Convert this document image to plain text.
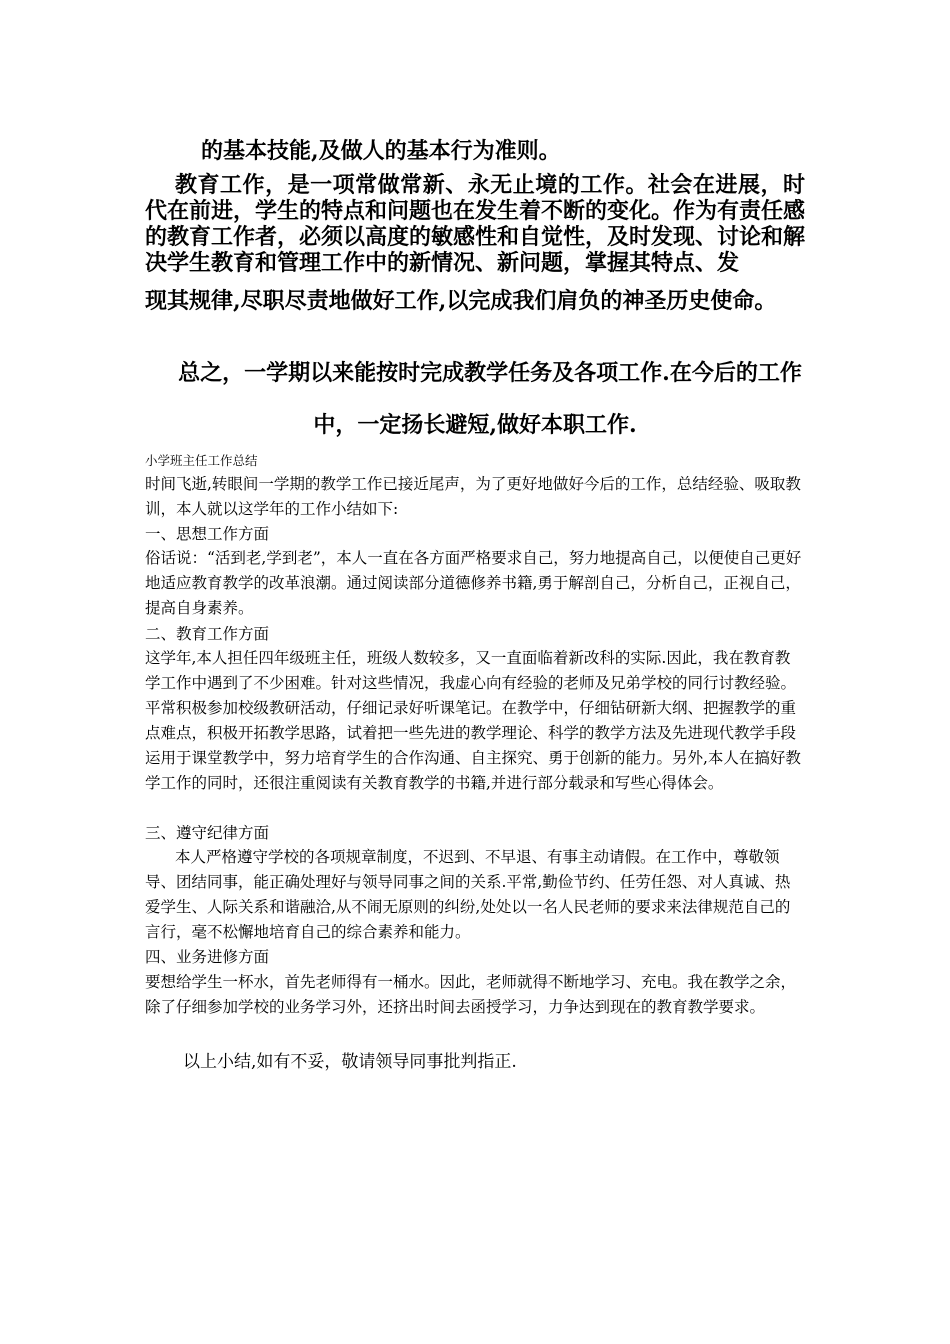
的基本技能,及做人的基本行为准则。

教育工作，是一项常做常新、永无止境的工作。社会在进展，时代在前进，学生的特点和问题也在发生着不断的变化。作为有责任感的教育工作者，必须以高度的敏感性和自觉性，及时发现、讨论和解决学生教育和管理工作中的新情况、新问题，掌握其特点、发

现其规律,尽职尽责地做好工作,以完成我们肩负的神圣历史使命。

总之，一学期以来能按时完成教学任务及各项工作.在今后的工作

中，一定扬长避短,做好本职工作.

小学班主任工作总结

时间飞逝,转眼间一学期的教学工作已接近尾声，为了更好地做好今后的工作，总结经验、吸取教训，本人就以这学年的工作小结如下:

一、思想工作方面

俗话说：“活到老,学到老”，本人一直在各方面严格要求自己，努力地提高自己，以便使自己更好地适应教育教学的改革浪潮。通过阅读部分道德修养书籍,勇于解剖自己，分析自己，正视自己，提高自身素养。

二、教育工作方面

这学年,本人担任四年级班主任，班级人数较多，又一直面临着新改科的实际.因此，我在教育教学工作中遇到了不少困难。针对这些情况，我虚心向有经验的老师及兄弟学校的同行讨教经验。平常积极参加校级教研活动，仔细记录好听课笔记。在教学中，仔细钻研新大纲、把握教学的重点难点，积极开拓教学思路，试着把一些先进的教学理论、科学的教学方法及先进现代教学手段运用于课堂教学中，努力培育学生的合作沟通、自主探究、勇于创新的能力。另外,本人在搞好教学工作的同时，还很注重阅读有关教育教学的书籍,并进行部分载录和写些心得体会。

三、遵守纪律方面

本人严格遵守学校的各项规章制度，不迟到、不早退、有事主动请假。在工作中，尊敬领导、团结同事，能正确处理好与领导同事之间的关系.平常,勤俭节约、任劳任怨、对人真诚、热爱学生、人际关系和谐融洽,从不闹无原则的纠纷,处处以一名人民老师的要求来法律规范自己的言行，毫不松懈地培育自己的综合素养和能力。

四、业务进修方面

要想给学生一杯水，首先老师得有一桶水。因此，老师就得不断地学习、充电。我在教学之余，除了仔细参加学校的业务学习外，还挤出时间去函授学习，力争达到现在的教育教学要求。

以上小结,如有不妥，敬请领导同事批判指正.
